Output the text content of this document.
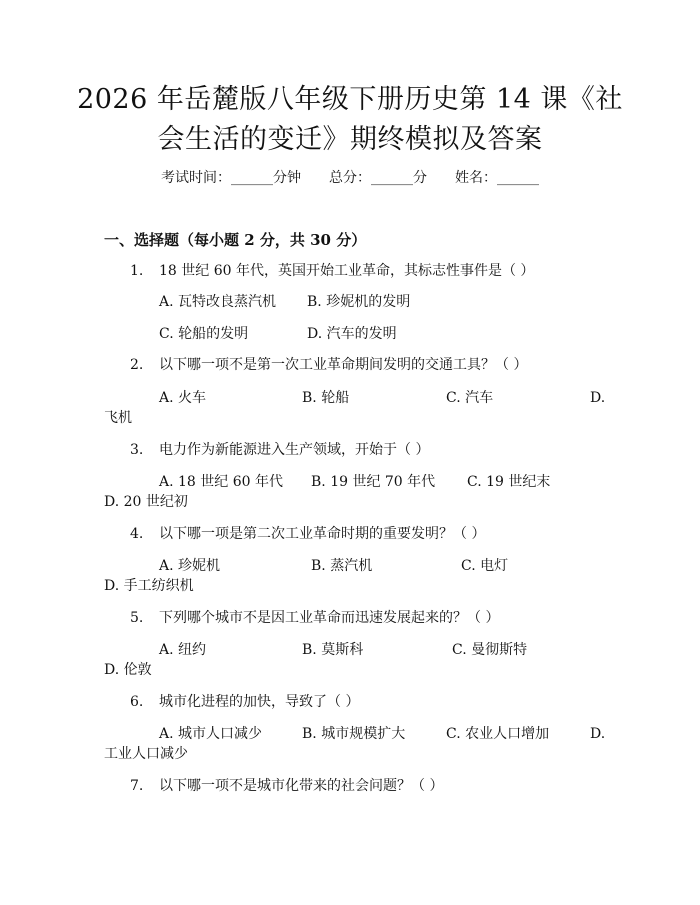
2026 年岳麓版八年级下册历史第 14 课《社
会生活的变迁》期终模拟及答案
考试时间：______分钟 总分：______分 姓名：______
一、选择题（每小题 2 分，共 30 分）
1. 18 世纪 60 年代，英国开始工业革命，其标志性事件是（ ）
A. 瓦特改良蒸汽机 B. 珍妮机的发明
C. 轮船的发明	D. 汽车的发明
2. 以下哪一项不是第一次工业革命期间发明的交通工具？（ ）
A. 火车	B. 轮船	C. 汽车	D.
飞机
3. 电力作为新能源进入生产领域，开始于（ ）
A. 18 世纪 60 年代 B. 19 世纪 70 年代 C. 19 世纪末
D. 20 世纪初
4. 以下哪一项是第二次工业革命时期的重要发明？（ ）
A. 珍妮机	B. 蒸汽机	C. 电灯
D. 手工纺织机
5. 下列哪个城市不是因工业革命而迅速发展起来的？（ ）
A. 纽约	B. 莫斯科	C. 曼彻斯特
D. 伦敦
6. 城市化进程的加快，导致了（ ）
A. 城市人口减少	B. 城市规模扩大	C. 农业人口增加	D.
工业人口减少
7. 以下哪一项不是城市化带来的社会问题？（ ）
